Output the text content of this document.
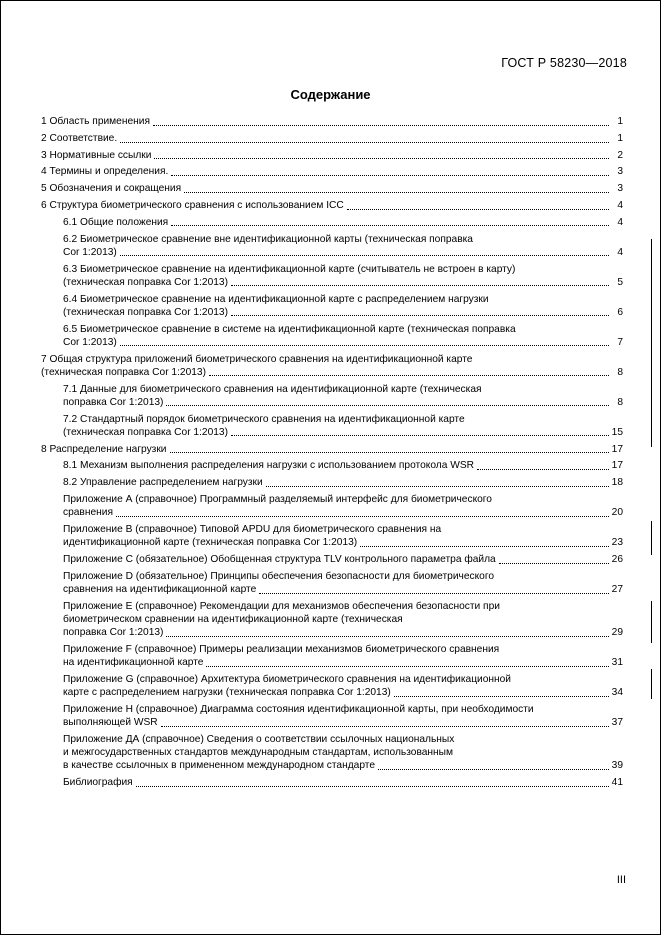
ГОСТ Р 58230—2018
Содержание
1 Область применения	1
2 Соответствие.	1
3 Нормативные ссылки	2
4 Термины и определения.	3
5 Обозначения и сокращения	3
6 Структура биометрического сравнения с использованием ICC	4
6.1 Общие положения	4
6.2 Биометрическое сравнение вне идентификационной карты (техническая поправка
Cor 1:2013)	4
6.3 Биометрическое сравнение на идентификационной карте (считыватель не встроен в карту)
(техническая поправка Cor 1:2013)	5
6.4 Биометрическое сравнение на идентификационной карте с распределением нагрузки
(техническая поправка Cor 1:2013)	6
6.5 Биометрическое сравнение в системе на идентификационной карте (техническая поправка
Cor 1:2013)	7
7 Общая структура приложений биометрического сравнения на идентификационной карте
(техническая поправка Cor 1:2013)	8
7.1 Данные для биометрического сравнения на идентификационной карте (техническая
поправка Cor 1:2013)	8
7.2 Стандартный порядок биометрического сравнения на идентификационной карте
(техническая поправка Cor 1:2013)	15
8 Распределение нагрузки	17
8.1 Механизм выполнения распределения нагрузки с использованием протокола WSR	17
8.2 Управление распределением нагрузки	18
Приложение А (справочное) Программный разделяемый интерфейс для биометрического
сравнения	20
Приложение В (справочное) Типовой APDU для биометрического сравнения на
идентификационной карте (техническая поправка Cor 1:2013)	23
Приложение С (обязательное) Обобщенная структура TLV контрольного параметра файла	26
Приложение D (обязательное) Принципы обеспечения безопасности для биометрического
сравнения на идентификационной карте	27
Приложение Е (справочное) Рекомендации для механизмов обеспечения безопасности при
биометрическом сравнении на идентификационной карте (техническая
поправка Cor 1:2013)	29
Приложение F (справочное) Примеры реализации механизмов биометрического сравнения
на идентификационной карте	31
Приложение G (справочное) Архитектура биометрического сравнения на идентификационной
карте с распределением нагрузки (техническая поправка Cor 1:2013)	34
Приложение Н (справочное) Диаграмма состояния идентификационной карты, при необходимости
выполняющей WSR	37
Приложение ДА (справочное) Сведения о соответствии ссылочных национальных
и межгосударственных стандартов международным стандартам, использованным
в качестве ссылочных в примененном международном стандарте	39
Библиография	41
III
